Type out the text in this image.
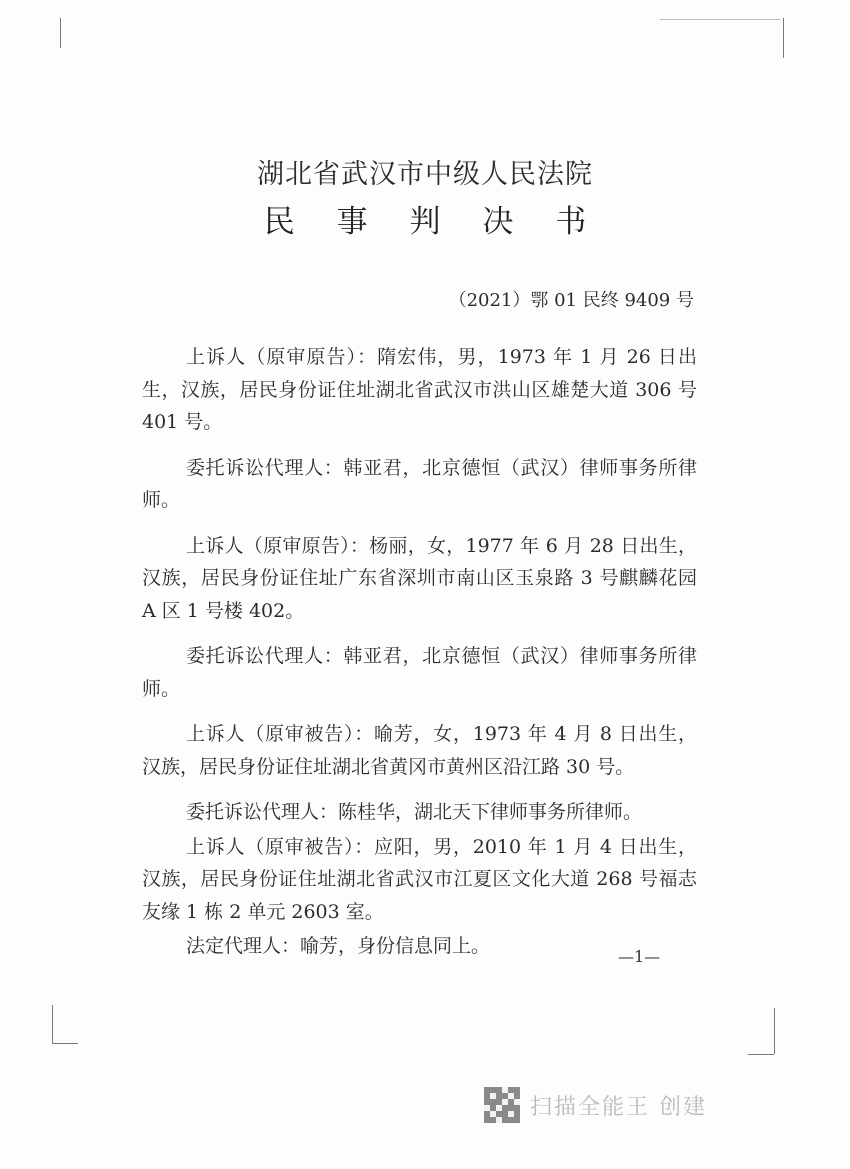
湖北省武汉市中级人民法院
民 事 判 决 书
（2021）鄂 01 民终 9409 号

上诉人（原审原告）：隋宏伟，男，1973 年 1 月 26 日出生，汉族，居民身份证住址湖北省武汉市洪山区雄楚大道 306 号 401 号。

委托诉讼代理人：韩亚君，北京德恒（武汉）律师事务所律师。

上诉人（原审原告）：杨丽，女，1977 年 6 月 28 日出生，汉族，居民身份证住址广东省深圳市南山区玉泉路 3 号麒麟花园 A 区 1 号楼 402。

委托诉讼代理人：韩亚君，北京德恒（武汉）律师事务所律师。

上诉人（原审被告）：喻芳，女，1973 年 4 月 8 日出生，汉族，居民身份证住址湖北省黄冈市黄州区沿江路 30 号。

委托诉讼代理人：陈桂华，湖北天下律师事务所律师。

上诉人（原审被告）：应阳，男，2010 年 1 月 4 日出生，汉族，居民身份证住址湖北省武汉市江夏区文化大道 268 号福志友缘 1 栋 2 单元 2603 室。

法定代理人：喻芳，身份信息同上。	—1—
扫描全能王 创建
